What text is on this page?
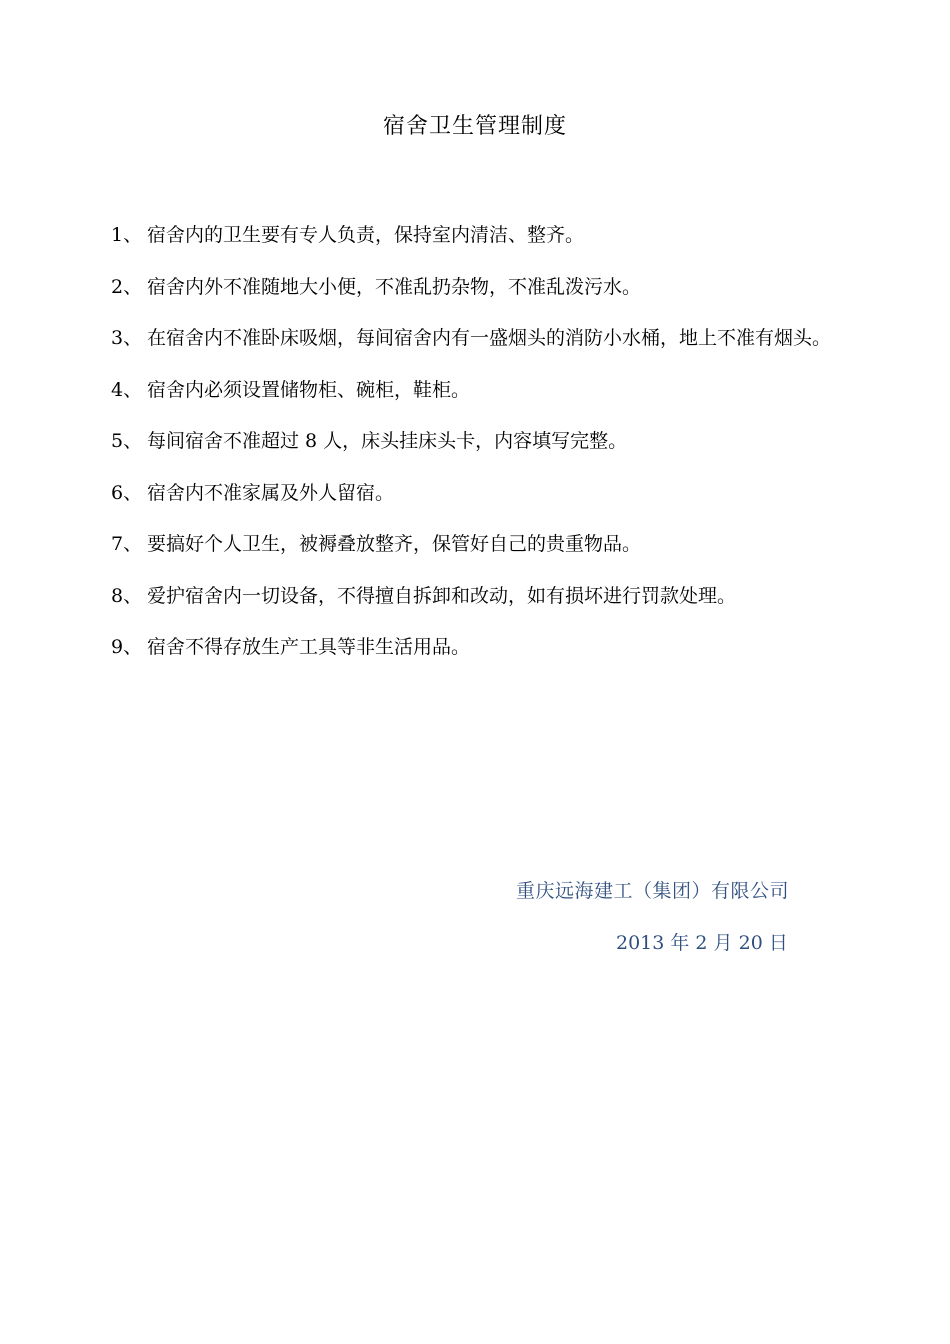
宿舍卫生管理制度
1、 宿舍内的卫生要有专人负责，保持室内清洁、整齐。
2、 宿舍内外不准随地大小便，不准乱扔杂物，不准乱泼污水。
3、 在宿舍内不准卧床吸烟，每间宿舍内有一盛烟头的消防小水桶，地上不准有烟头。
4、 宿舍内必须设置储物柜、碗柜，鞋柜。
5、 每间宿舍不准超过 8 人，床头挂床头卡，内容填写完整。
6、 宿舍内不准家属及外人留宿。
7、 要搞好个人卫生，被褥叠放整齐，保管好自己的贵重物品。
8、 爱护宿舍内一切设备，不得擅自拆卸和改动，如有损坏进行罚款处理。
9、 宿舍不得存放生产工具等非生活用品。
重庆远海建工（集团）有限公司
2013 年 2 月 20 日
